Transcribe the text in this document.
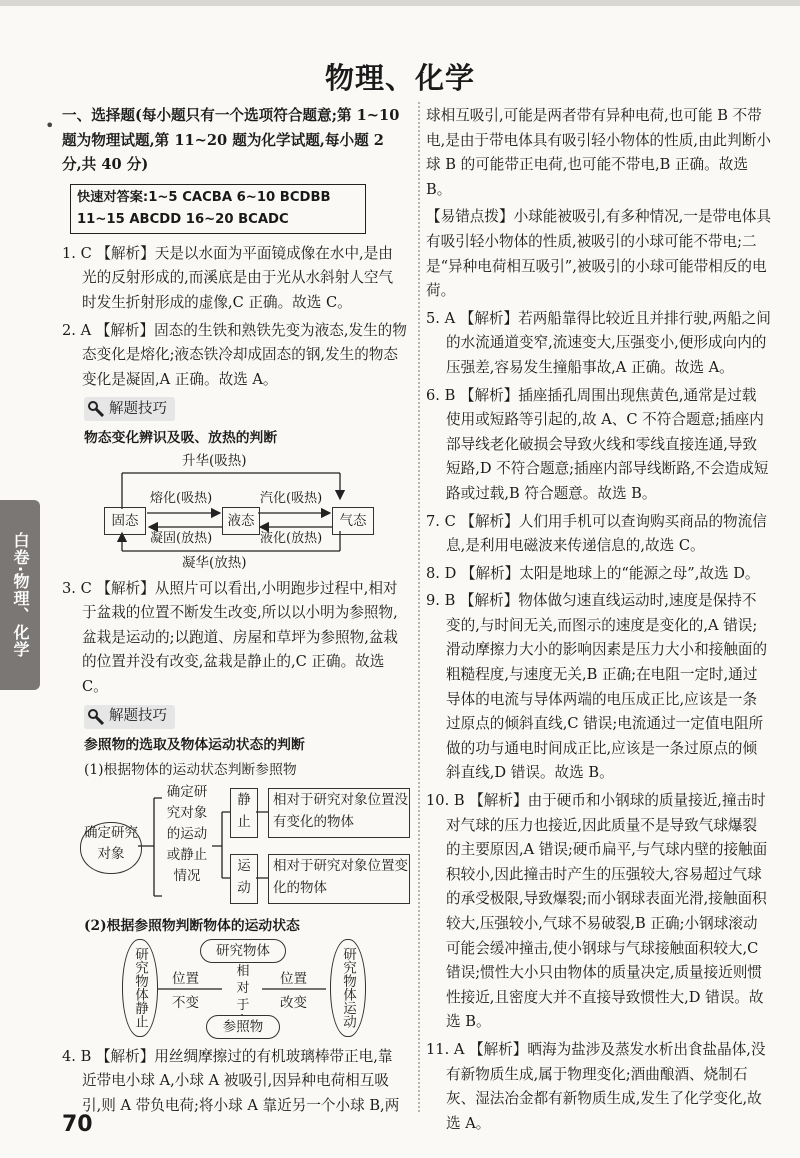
物理、化学
•
白卷·物理、化学

一、选择题(每小题只有一个选项符合题意;第 1~10 题为物理试题,第 11~20 题为化学试题,每小题 2 分,共 40 分)

快速对答案:1~5 CACBA 6~10 BCDBB
11~15 ABCDD 16~20 BCADC

1. C 【解析】天是以水面为平面镜成像在水中,是由光的反射形成的,而溪底是由于光从水斜射人空气时发生折射形成的虚像,C 正确。故选 C。

2. A 【解析】固态的生铁和熟铁先变为液态,发生的物态变化是熔化;液态铁冷却成固态的钢,发生的物态变化是凝固,A 正确。故选 A。

解题技巧
物态变化辨识及吸、放热的判断
升华(吸热)
固态	液态	气态
熔化(吸热)
凝固(放热)
汽化(吸热)
液化(放热)
凝华(放热)

3. C 【解析】从照片可以看出,小明跑步过程中,相对于盆栽的位置不断发生改变,所以以小明为参照物,盆栽是运动的;以跑道、房屋和草坪为参照物,盆栽的位置并没有改变,盆栽是静止的,C 正确。故选 C。

解题技巧
参照物的选取及物体运动状态的判断
(1)根据物体的运动状态判断参照物
确定研究对象
确定研究对象的运动或静止情况
静止
运动
相对于研究对象位置没有变化的物体
相对于研究对象位置变化的物体
(2)根据参照物判断物体的运动状态
研究物体静止	研究物体运动
研究物体
参照物
相对于
位置
不变
位置
改变

4. B 【解析】用丝绸摩擦过的有机玻璃棒带正电,靠近带电小球 A,小球 A 被吸引,因异种电荷相互吸引,则 A 带负电荷;将小球 A 靠近另一个小球 B,两

球相互吸引,可能是两者带有异种电荷,也可能 B 不带电,是由于带电体具有吸引轻小物体的性质,由此判断小球 B 的可能带正电荷,也可能不带电,B 正确。故选 B。

【易错点拨】小球能被吸引,有多种情况,一是带电体具有吸引轻小物体的性质,被吸引的小球可能不带电;二是“异种电荷相互吸引”,被吸引的小球可能带相反的电荷。

5. A 【解析】若两船靠得比较近且并排行驶,两船之间的水流通道变窄,流速变大,压强变小,便形成向内的压强差,容易发生撞船事故,A 正确。故选 A。

6. B 【解析】插座插孔周围出现焦黄色,通常是过载使用或短路等引起的,故 A、C 不符合题意;插座内部导线老化破损会导致火线和零线直接连通,导致短路,D 不符合题意;插座内部导线断路,不会造成短路或过载,B 符合题意。故选 B。

7. C 【解析】人们用手机可以查询购买商品的物流信息,是利用电磁波来传递信息的,故选 C。

8. D 【解析】太阳是地球上的“能源之母”,故选 D。

9. B 【解析】物体做匀速直线运动时,速度是保持不变的,与时间无关,而图示的速度是变化的,A 错误;滑动摩擦力大小的影响因素是压力大小和接触面的粗糙程度,与速度无关,B 正确;在电阻一定时,通过导体的电流与导体两端的电压成正比,应该是一条过原点的倾斜直线,C 错误;电流通过一定值电阻所做的功与通电时间成正比,应该是一条过原点的倾斜直线,D 错误。故选 B。

10. B 【解析】由于硬币和小钢球的质量接近,撞击时对气球的压力也接近,因此质量不是导致气球爆裂的主要原因,A 错误;硬币扁平,与气球内壁的接触面积较小,因此撞击时产生的压强较大,容易超过气球的承受极限,导致爆裂;而小钢球表面光滑,接触面积较大,压强较小,气球不易破裂,B 正确;小钢球滚动可能会缓冲撞击,使小钢球与气球接触面积较大,C 错误;惯性大小只由物体的质量决定,质量接近则惯性接近,且密度大并不直接导致惯性大,D 错误。故选 B。

11. A 【解析】晒海为盐涉及蒸发水析出食盐晶体,没有新物质生成,属于物理变化;酒曲酿酒、烧制石灰、湿法冶金都有新物质生成,发生了化学变化,故选 A。

70
